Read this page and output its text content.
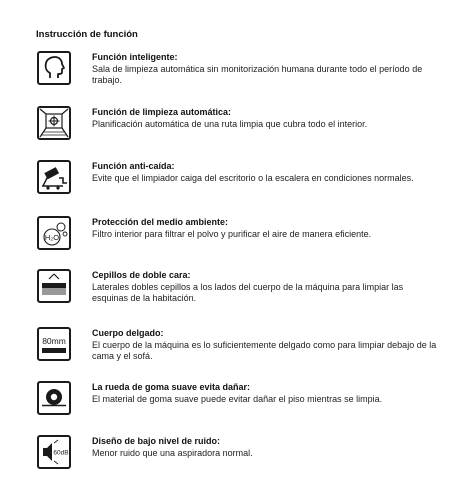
Instrucción de función
Función inteligente:
Sala de limpieza automática sin monitorización humana durante todo el período de trabajo.
Función de limpieza automática:
Planificación automática de una ruta limpia que cubra todo el interior.
Función anti-caída:
Evite que el limpiador caiga del escritorio o la escalera en condiciones normales.
H₂O
Protección del medio ambiente:
Filtro interior para filtrar el polvo y purificar el aire de manera eficiente.
Cepillos de doble cara:
Laterales dobles cepillos a los lados del cuerpo de la máquina para limpiar las esquinas de la habitación.
80mm
Cuerpo delgado:
El cuerpo de la máquina es lo suficientemente delgado como para limpiar debajo de la cama y el sofá.
La rueda de goma suave evita dañar:
El material de goma suave puede evitar dañar el piso mientras se limpia.
60dB
Diseño de bajo nivel de ruido:
Menor ruido que una aspiradora normal.
